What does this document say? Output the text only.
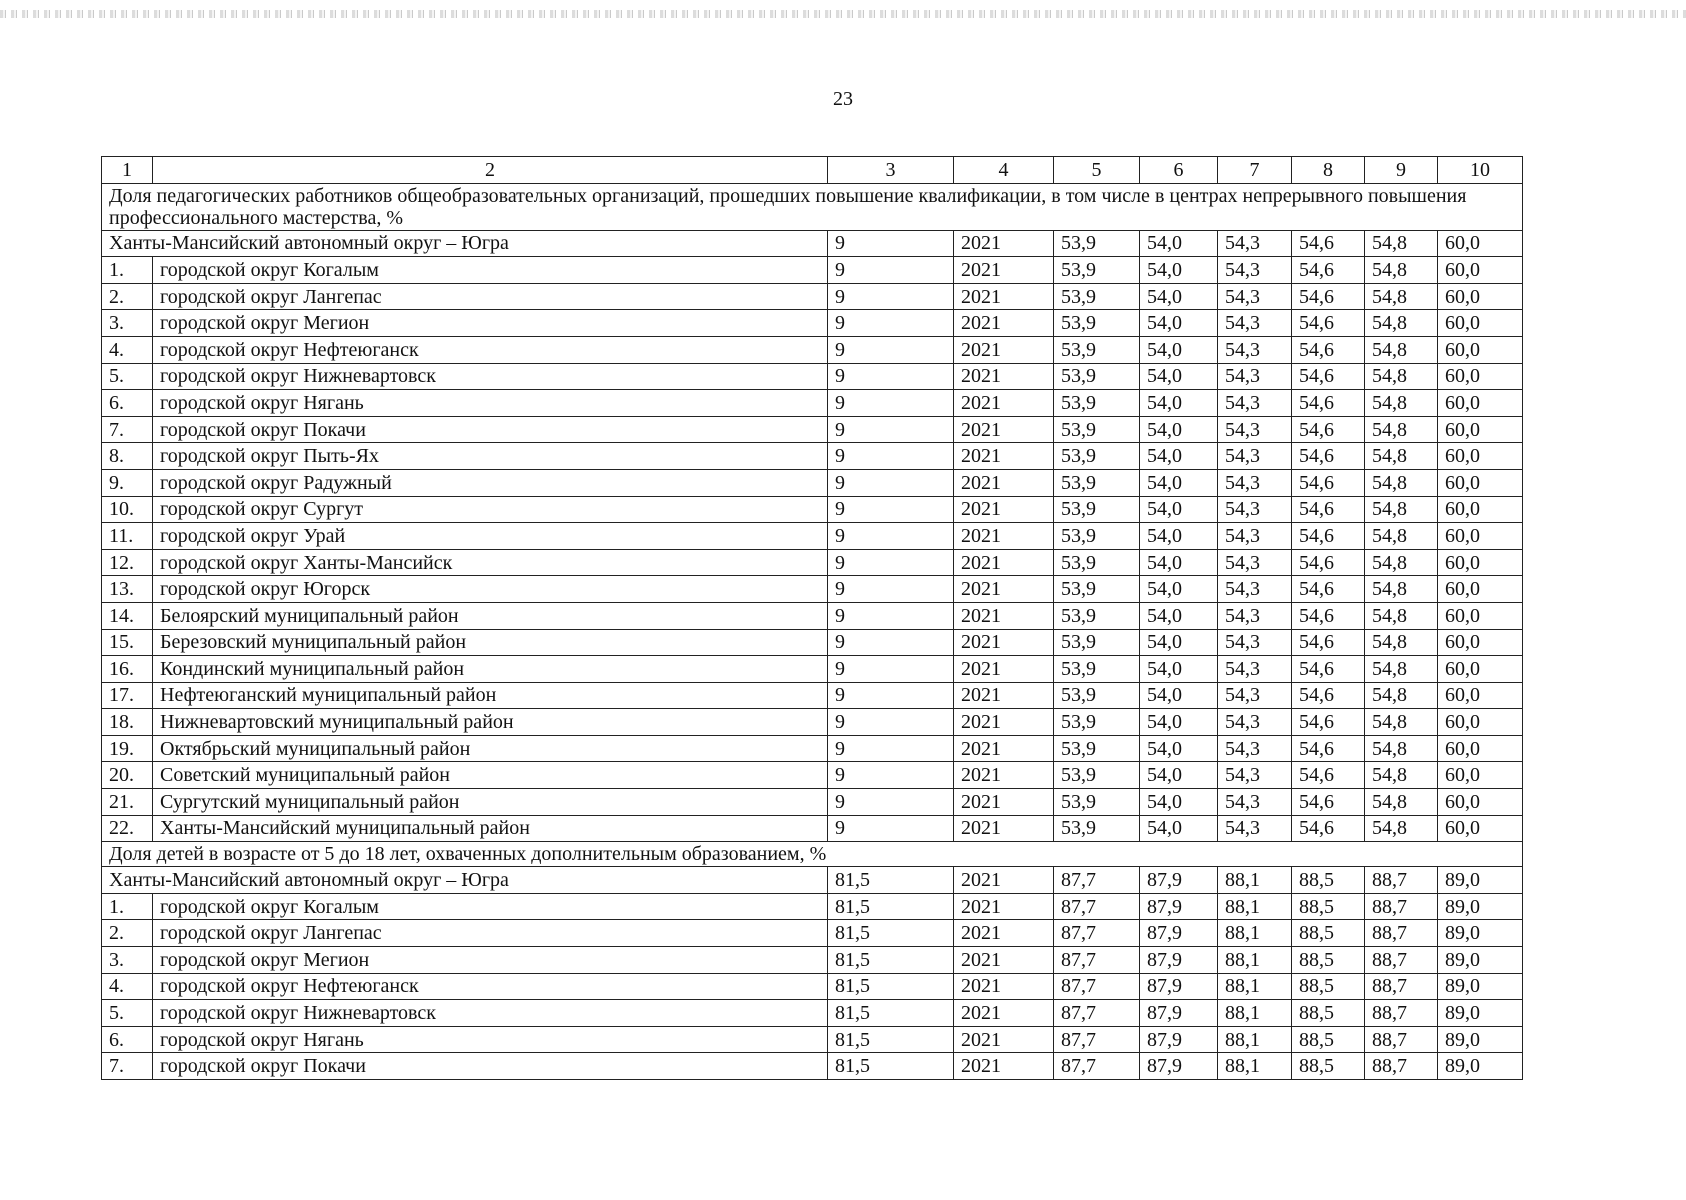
23
1	2	3	4	5	6	7	8	9	10
Доля педагогических работников общеобразовательных организаций, прошедших повышение квалификации, в том числе в центрах непрерывного повышения профессионального мастерства, %									
Ханты-Мансийский автономный округ – Югра		9	2021	53,9	54,0	54,3	54,6	54,8	60,0
1.	городской округ Когалым	9	2021	53,9	54,0	54,3	54,6	54,8	60,0
2.	городской округ Лангепас	9	2021	53,9	54,0	54,3	54,6	54,8	60,0
3.	городской округ Мегион	9	2021	53,9	54,0	54,3	54,6	54,8	60,0
4.	городской округ Нефтеюганск	9	2021	53,9	54,0	54,3	54,6	54,8	60,0
5.	городской округ Нижневартовск	9	2021	53,9	54,0	54,3	54,6	54,8	60,0
6.	городской округ Нягань	9	2021	53,9	54,0	54,3	54,6	54,8	60,0
7.	городской округ Покачи	9	2021	53,9	54,0	54,3	54,6	54,8	60,0
8.	городской округ Пыть-Ях	9	2021	53,9	54,0	54,3	54,6	54,8	60,0
9.	городской округ Радужный	9	2021	53,9	54,0	54,3	54,6	54,8	60,0
10.	городской округ Сургут	9	2021	53,9	54,0	54,3	54,6	54,8	60,0
11.	городской округ Урай	9	2021	53,9	54,0	54,3	54,6	54,8	60,0
12.	городской округ Ханты-Мансийск	9	2021	53,9	54,0	54,3	54,6	54,8	60,0
13.	городской округ Югорск	9	2021	53,9	54,0	54,3	54,6	54,8	60,0
14.	Белоярский муниципальный район	9	2021	53,9	54,0	54,3	54,6	54,8	60,0
15.	Березовский муниципальный район	9	2021	53,9	54,0	54,3	54,6	54,8	60,0
16.	Кондинский муниципальный район	9	2021	53,9	54,0	54,3	54,6	54,8	60,0
17.	Нефтеюганский муниципальный район	9	2021	53,9	54,0	54,3	54,6	54,8	60,0
18.	Нижневартовский муниципальный район	9	2021	53,9	54,0	54,3	54,6	54,8	60,0
19.	Октябрьский муниципальный район	9	2021	53,9	54,0	54,3	54,6	54,8	60,0
20.	Советский муниципальный район	9	2021	53,9	54,0	54,3	54,6	54,8	60,0
21.	Сургутский муниципальный район	9	2021	53,9	54,0	54,3	54,6	54,8	60,0
22.	Ханты-Мансийский муниципальный район	9	2021	53,9	54,0	54,3	54,6	54,8	60,0
Доля детей в возрасте от 5 до 18 лет, охваченных дополнительным образованием, %									
Ханты-Мансийский автономный округ – Югра		81,5	2021	87,7	87,9	88,1	88,5	88,7	89,0
1.	городской округ Когалым	81,5	2021	87,7	87,9	88,1	88,5	88,7	89,0
2.	городской округ Лангепас	81,5	2021	87,7	87,9	88,1	88,5	88,7	89,0
3.	городской округ Мегион	81,5	2021	87,7	87,9	88,1	88,5	88,7	89,0
4.	городской округ Нефтеюганск	81,5	2021	87,7	87,9	88,1	88,5	88,7	89,0
5.	городской округ Нижневартовск	81,5	2021	87,7	87,9	88,1	88,5	88,7	89,0
6.	городской округ Нягань	81,5	2021	87,7	87,9	88,1	88,5	88,7	89,0
7.	городской округ Покачи	81,5	2021	87,7	87,9	88,1	88,5	88,7	89,0
